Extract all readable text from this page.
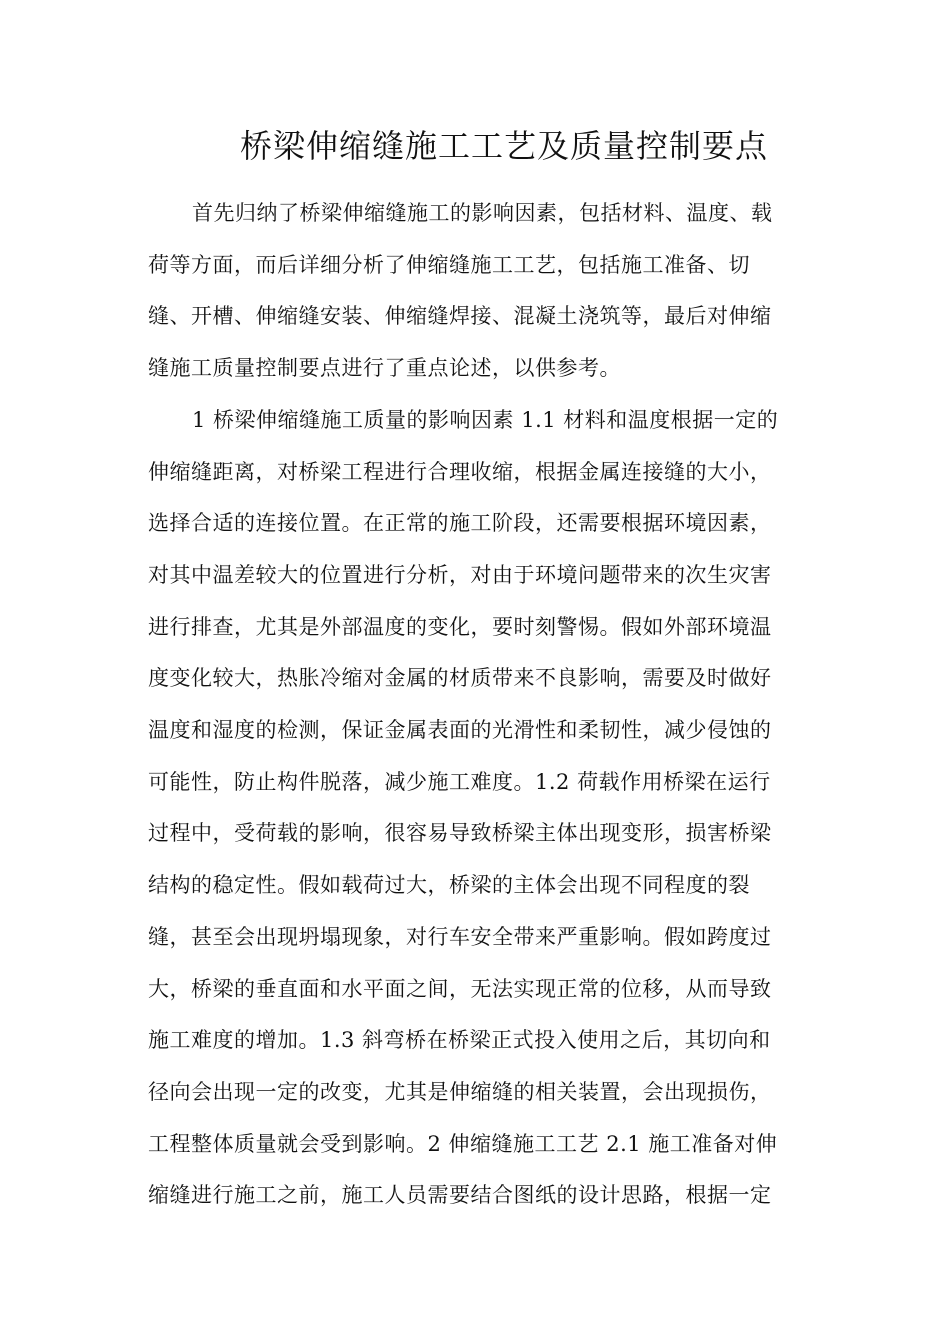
桥梁伸缩缝施工工艺及质量控制要点
首先归纳了桥梁伸缩缝施工的影响因素，包括材料、温度、载
荷等方面，而后详细分析了伸缩缝施工工艺，包括施工准备、切
缝、开槽、伸缩缝安装、伸缩缝焊接、混凝土浇筑等，最后对伸缩
缝施工质量控制要点进行了重点论述，以供参考。
1 桥梁伸缩缝施工质量的影响因素 1.1 材料和温度根据一定的
伸缩缝距离，对桥梁工程进行合理收缩，根据金属连接缝的大小，
选择合适的连接位置。在正常的施工阶段，还需要根据环境因素，
对其中温差较大的位置进行分析，对由于环境问题带来的次生灾害
进行排查，尤其是外部温度的变化，要时刻警惕。假如外部环境温
度变化较大，热胀冷缩对金属的材质带来不良影响，需要及时做好
温度和湿度的检测，保证金属表面的光滑性和柔韧性，减少侵蚀的
可能性，防止构件脱落，减少施工难度。1.2 荷载作用桥梁在运行
过程中，受荷载的影响，很容易导致桥梁主体出现变形，损害桥梁
结构的稳定性。假如载荷过大，桥梁的主体会出现不同程度的裂
缝，甚至会出现坍塌现象，对行车安全带来严重影响。假如跨度过
大，桥梁的垂直面和水平面之间，无法实现正常的位移，从而导致
施工难度的增加。1.3 斜弯桥在桥梁正式投入使用之后，其切向和
径向会出现一定的改变，尤其是伸缩缝的相关装置，会出现损伤，
工程整体质量就会受到影响。2 伸缩缝施工工艺 2.1 施工准备对伸
缩缝进行施工之前，施工人员需要结合图纸的设计思路，根据一定
